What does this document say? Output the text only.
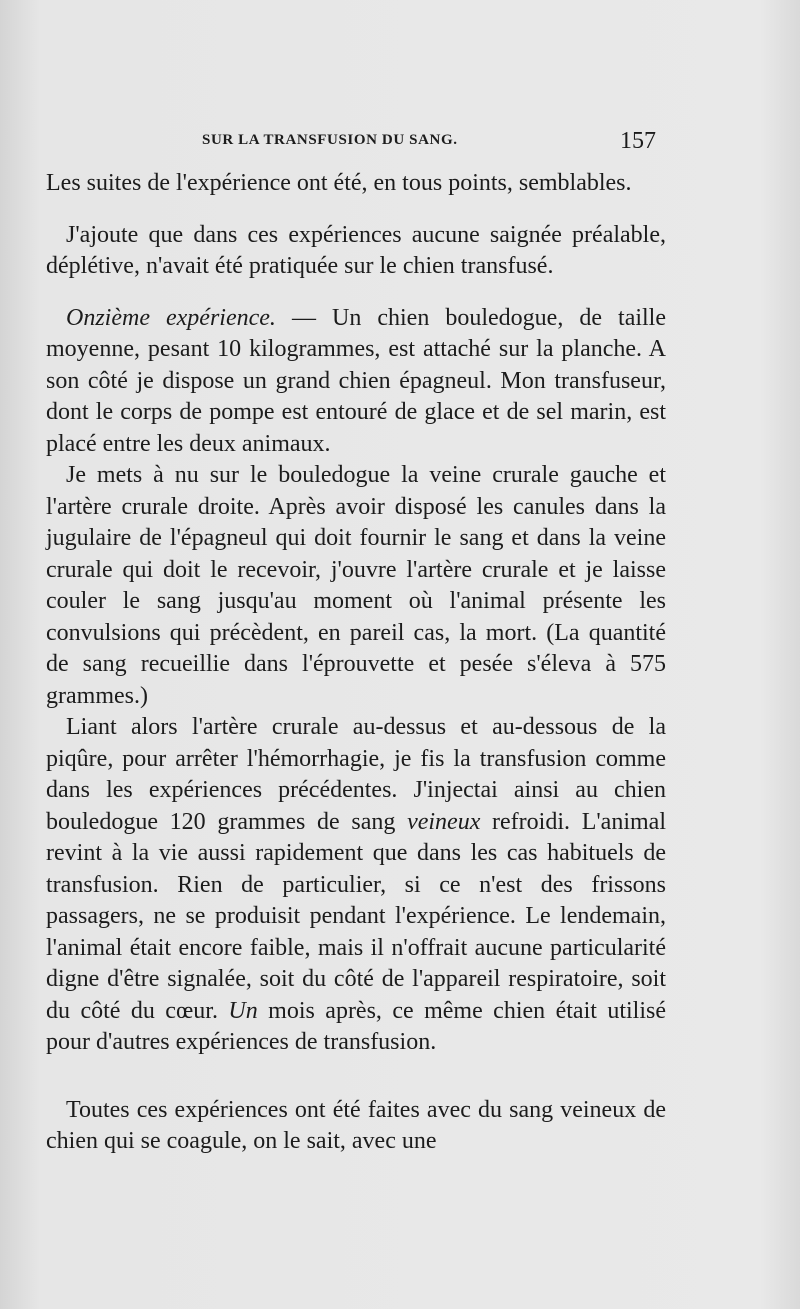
SUR LA TRANSFUSION DU SANG.	157

Les suites de l'expérience ont été, en tous points, semblables.

J'ajoute que dans ces expériences aucune saignée préalable, déplétive, n'avait été pratiquée sur le chien transfusé.

Onzième expérience. — Un chien bouledogue, de taille moyenne, pesant 10 kilogrammes, est attaché sur la planche. A son côté je dispose un grand chien épagneul. Mon transfuseur, dont le corps de pompe est entouré de glace et de sel marin, est placé entre les deux animaux.

Je mets à nu sur le bouledogue la veine crurale gauche et l'artère crurale droite. Après avoir disposé les canules dans la jugulaire de l'épagneul qui doit fournir le sang et dans la veine crurale qui doit le recevoir, j'ouvre l'artère crurale et je laisse couler le sang jusqu'au moment où l'animal présente les convulsions qui précèdent, en pareil cas, la mort. (La quantité de sang recueillie dans l'éprouvette et pesée s'éleva à 575 grammes.)

Liant alors l'artère crurale au-dessus et au-dessous de la piqûre, pour arrêter l'hémorrhagie, je fis la transfusion comme dans les expériences précédentes. J'injectai ainsi au chien bouledogue 120 grammes de sang veineux refroidi. L'animal revint à la vie aussi rapidement que dans les cas habituels de transfusion. Rien de particulier, si ce n'est des frissons passagers, ne se produisit pendant l'expérience. Le lendemain, l'animal était encore faible, mais il n'offrait aucune particularité digne d'être signalée, soit du côté de l'appareil respiratoire, soit du côté du cœur. Un mois après, ce même chien était utilisé pour d'autres expériences de transfusion.

Toutes ces expériences ont été faites avec du sang veineux de chien qui se coagule, on le sait, avec une
